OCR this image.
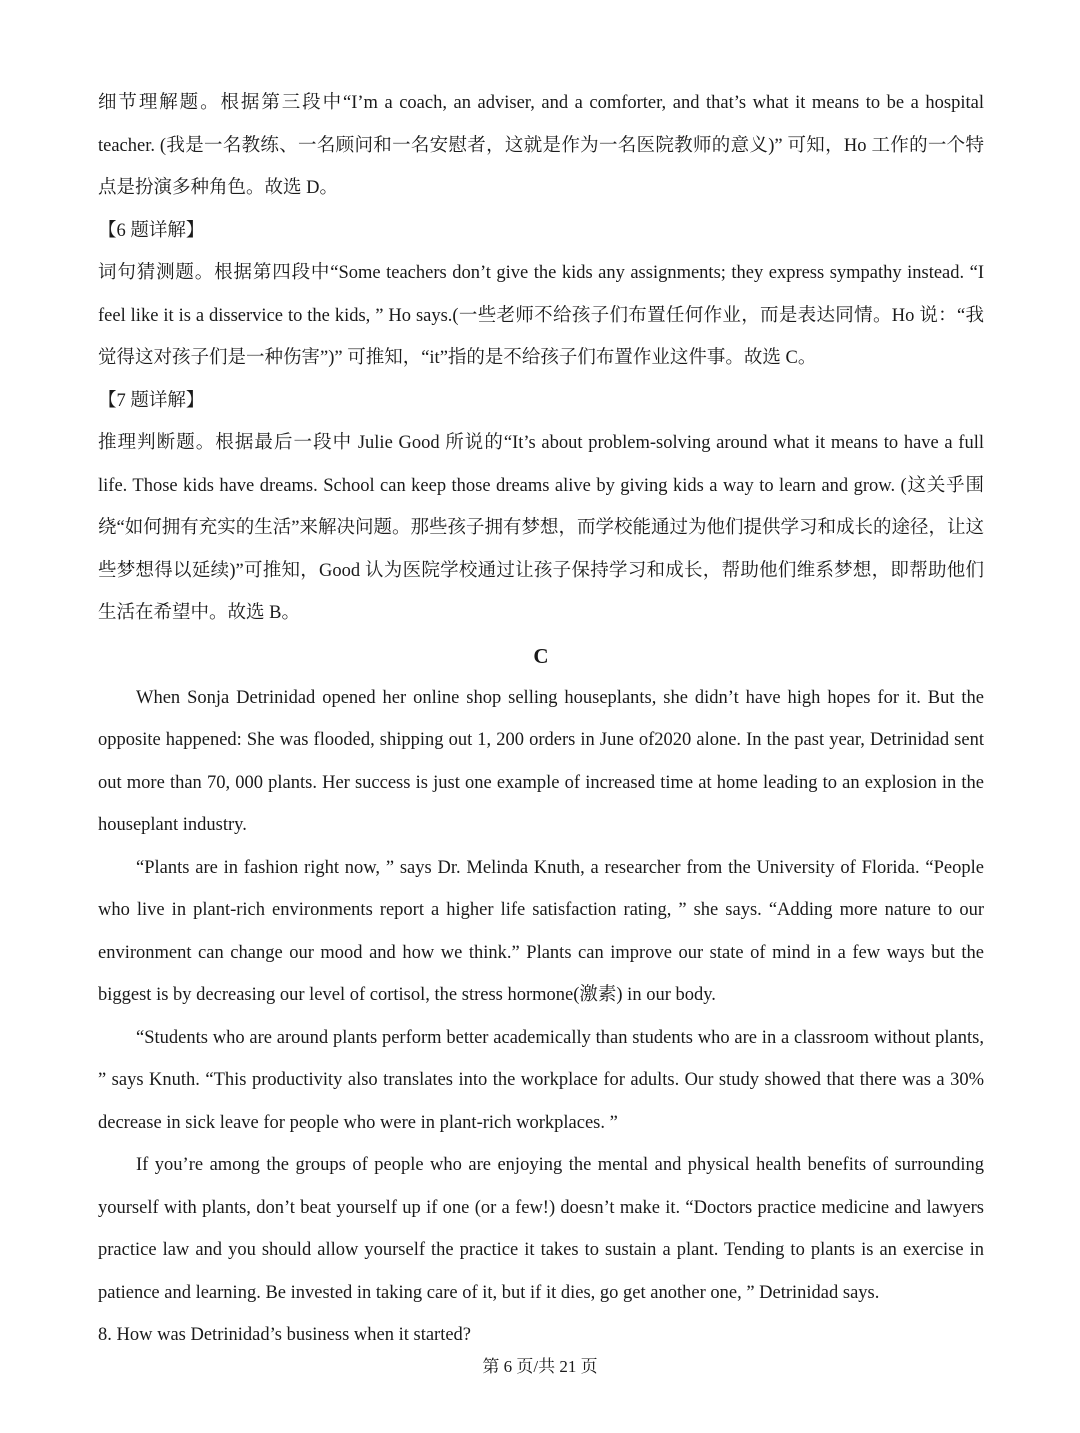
细节理解题。根据第三段中“I’m a coach, an adviser, and a comforter, and that’s what it means to be a hospital teacher. (我是一名教练、一名顾问和一名安慰者，这就是作为一名医院教师的意义)” 可知，Ho 工作的一个特点是扮演多种角色。故选 D。

【6 题详解】

词句猜测题。根据第四段中“Some teachers don’t give the kids any assignments; they express sympathy instead. “I feel like it is a disservice to the kids, ” Ho says.(一些老师不给孩子们布置任何作业，而是表达同情。Ho 说：“我觉得这对孩子们是一种伤害”)” 可推知，“it”指的是不给孩子们布置作业这件事。故选 C。

【7 题详解】

推理判断题。根据最后一段中 Julie Good 所说的“It’s about problem-solving around what it means to have a full life. Those kids have dreams. School can keep those dreams alive by giving kids a way to learn and grow. (这关乎围绕“如何拥有充实的生活”来解决问题。那些孩子拥有梦想，而学校能通过为他们提供学习和成长的途径，让这些梦想得以延续)”可推知，Good 认为医院学校通过让孩子保持学习和成长，帮助他们维系梦想，即帮助他们生活在希望中。故选 B。

C

When Sonja Detrinidad opened her online shop selling houseplants, she didn’t have high hopes for it. But the opposite happened: She was flooded, shipping out 1, 200 orders in June of2020 alone. In the past year, Detrinidad sent out more than 70, 000 plants. Her success is just one example of increased time at home leading to an explosion in the houseplant industry.

“Plants are in fashion right now, ” says Dr. Melinda Knuth, a researcher from the University of Florida. “People who live in plant-rich environments report a higher life satisfaction rating, ” she says. “Adding more nature to our environment can change our mood and how we think.” Plants can improve our state of mind in a few ways but the biggest is by decreasing our level of cortisol, the stress hormone(激素) in our body.

“Students who are around plants perform better academically than students who are in a classroom without plants, ” says Knuth. “This productivity also translates into the workplace for adults. Our study showed that there was a 30% decrease in sick leave for people who were in plant-rich workplaces. ”

If you’re among the groups of people who are enjoying the mental and physical health benefits of surrounding yourself with plants, don’t beat yourself up if one (or a few!) doesn’t make it. “Doctors practice medicine and lawyers practice law and you should allow yourself the practice it takes to sustain a plant. Tending to plants is an exercise in patience and learning. Be invested in taking care of it, but if it dies, go get another one, ” Detrinidad says.

8. How was Detrinidad’s business when it started?

第 6 页/共 21 页
